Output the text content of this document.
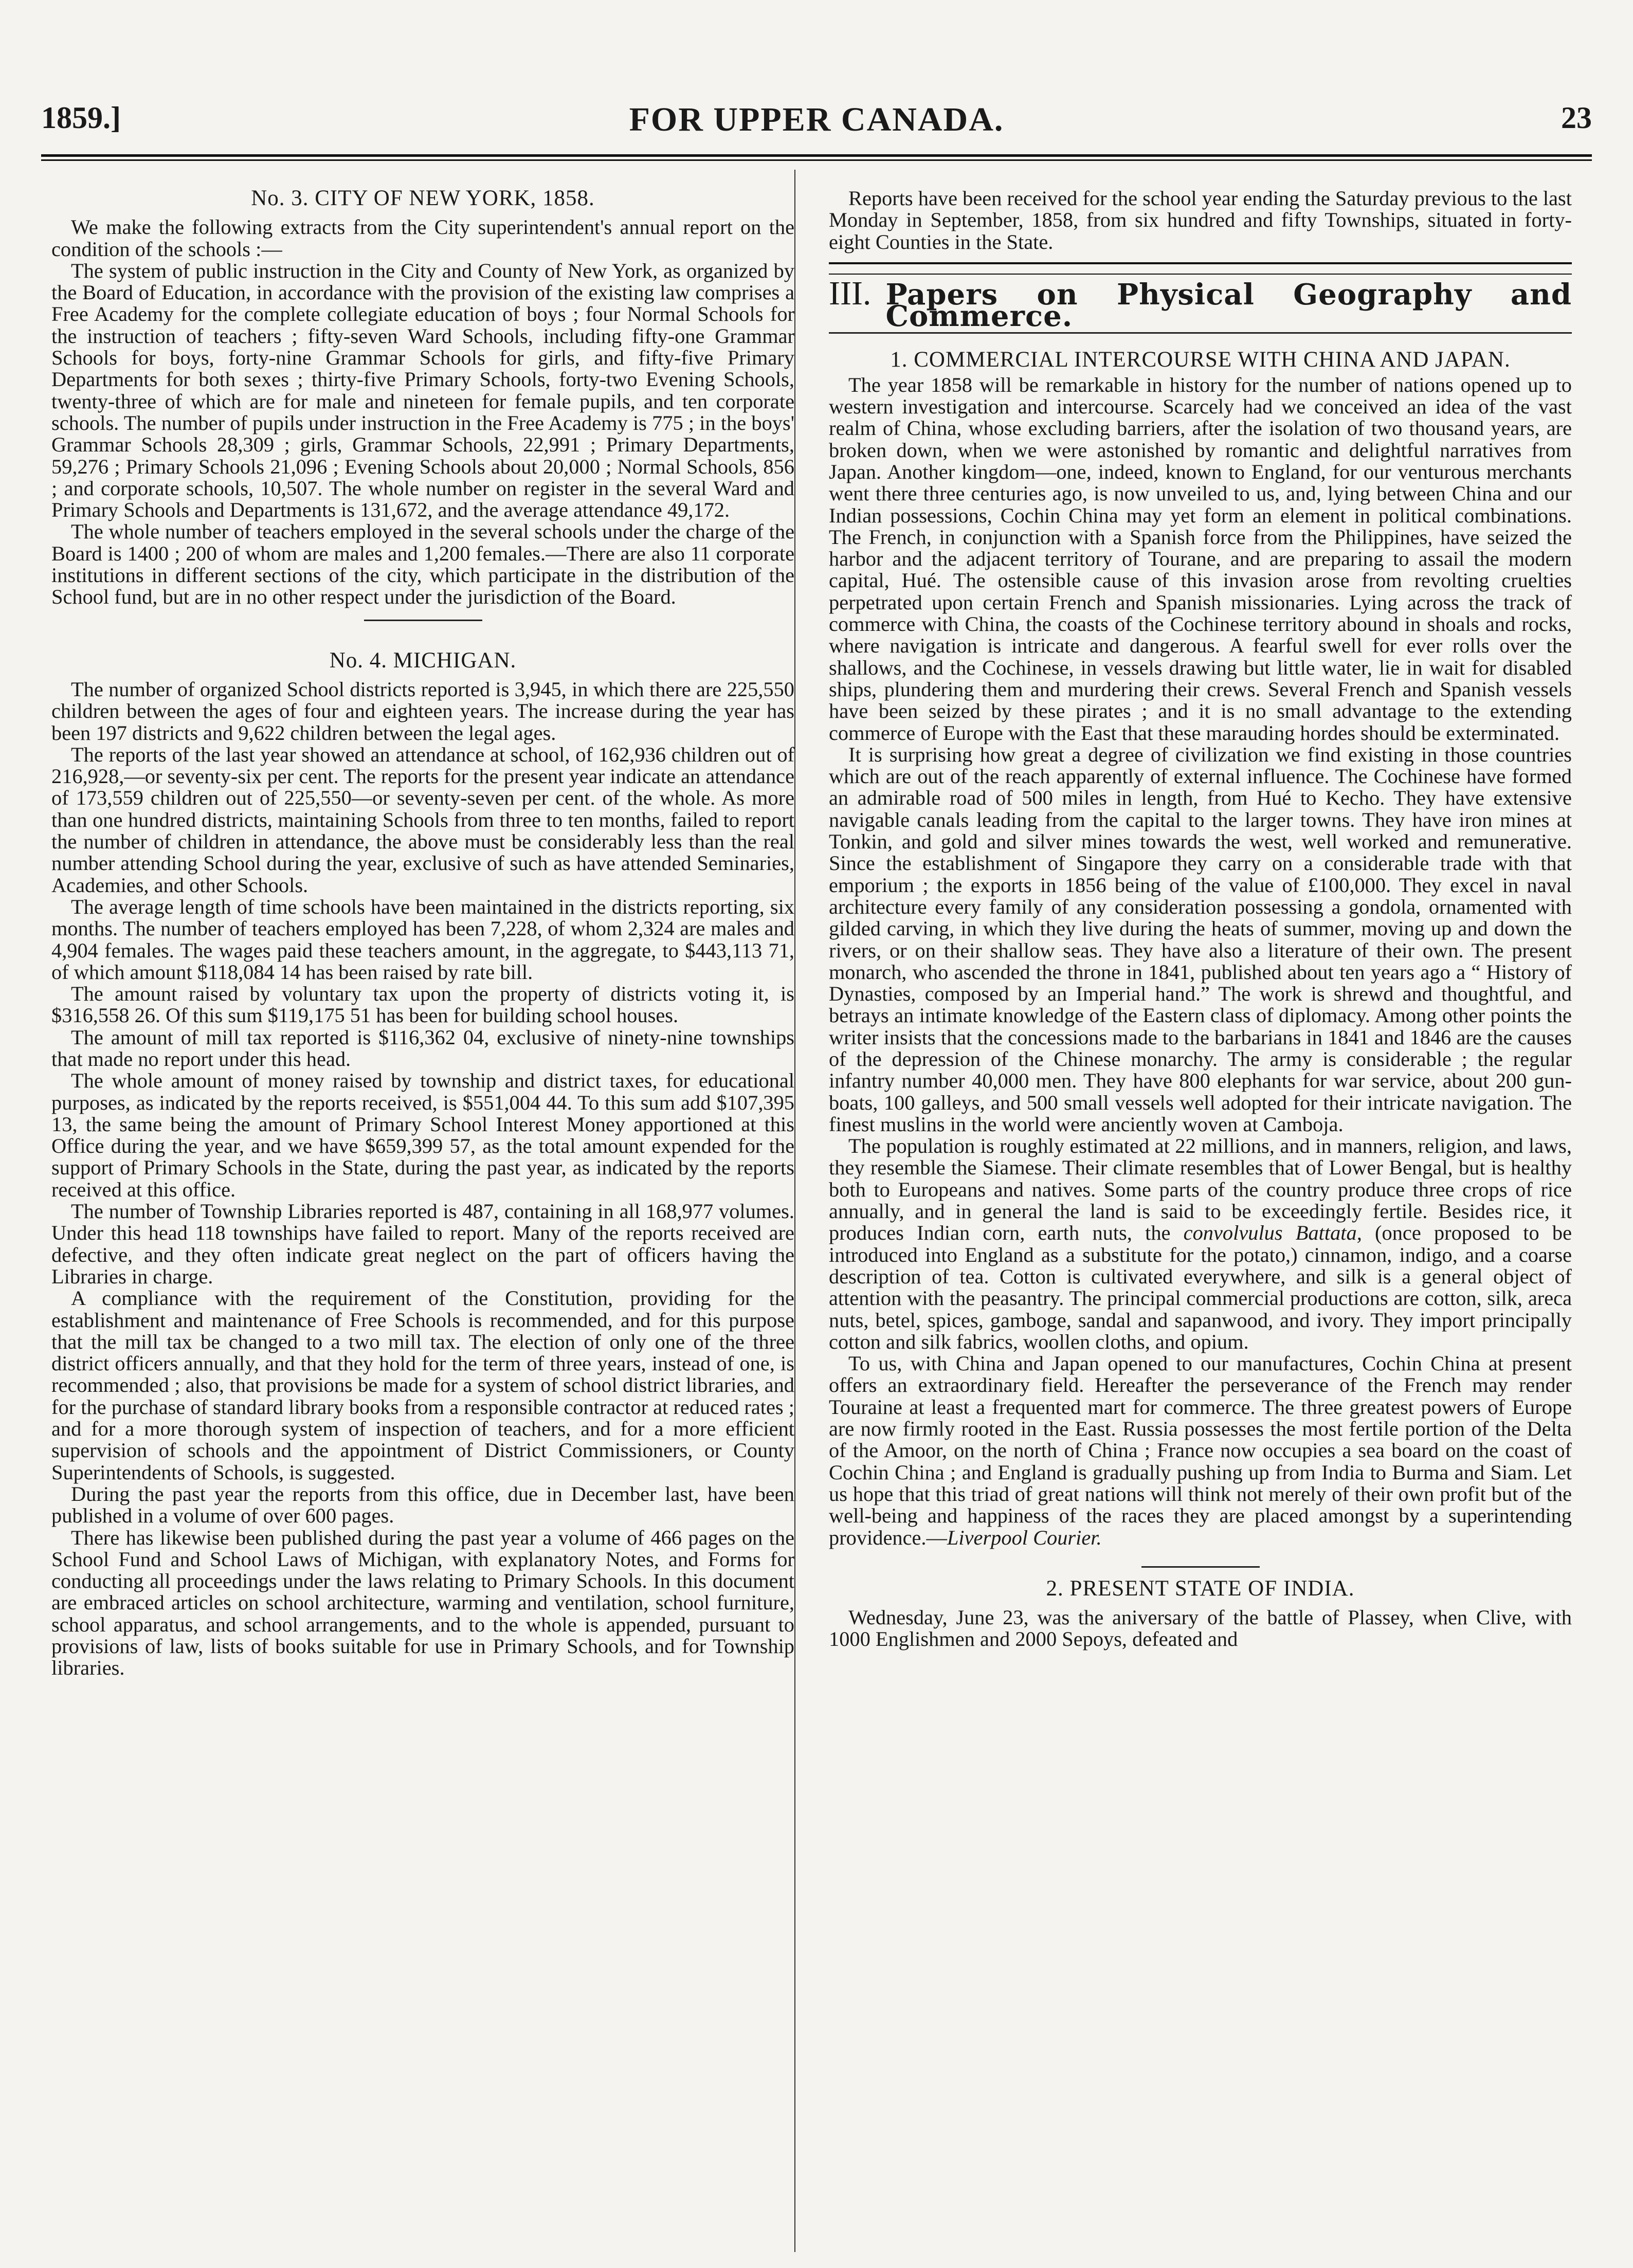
1859.]	FOR UPPER CANADA.	23
No. 3. CITY OF NEW YORK, 1858.

We make the following extracts from the City superintendent's annual report on the condition of the schools :—

The system of public instruction in the City and County of New York, as organized by the Board of Education, in accordance with the provision of the existing law comprises a Free Academy for the complete collegiate education of boys ; four Normal Schools for the instruction of teachers ; fifty-seven Ward Schools, including fifty-one Grammar Schools for boys, forty-nine Grammar Schools for girls, and fifty-five Primary Departments for both sexes ; thirty-five Primary Schools, forty-two Evening Schools, twenty-three of which are for male and nineteen for female pupils, and ten corporate schools. The number of pupils under instruction in the Free Academy is 775 ; in the boys' Grammar Schools 28,309 ; girls, Grammar Schools, 22,991 ; Primary Departments, 59,276 ; Primary Schools 21,096 ; Evening Schools about 20,000 ; Normal Schools, 856 ; and corporate schools, 10,507. The whole number on register in the several Ward and Primary Schools and Departments is 131,672, and the average attendance 49,172.

The whole number of teachers employed in the several schools under the charge of the Board is 1400 ; 200 of whom are males and 1,200 females.—There are also 11 corporate institutions in different sections of the city, which participate in the distribution of the School fund, but are in no other respect under the jurisdiction of the Board.

No. 4. MICHIGAN.

The number of organized School districts reported is 3,945, in which there are 225,550 children between the ages of four and eighteen years. The increase during the year has been 197 districts and 9,622 children between the legal ages.

The reports of the last year showed an attendance at school, of 162,936 children out of 216,928,—or seventy-six per cent. The reports for the present year indicate an attendance of 173,559 children out of 225,550—or seventy-seven per cent. of the whole. As more than one hundred districts, maintaining Schools from three to ten months, failed to report the number of children in attendance, the above must be considerably less than the real number attending School during the year, exclusive of such as have attended Seminaries, Academies, and other Schools.

The average length of time schools have been maintained in the districts reporting, six months. The number of teachers employed has been 7,228, of whom 2,324 are males and 4,904 females. The wages paid these teachers amount, in the aggregate, to $443,113 71, of which amount $118,084 14 has been raised by rate bill.

The amount raised by voluntary tax upon the property of districts voting it, is $316,558 26. Of this sum $119,175 51 has been for building school houses.

The amount of mill tax reported is $116,362 04, exclusive of ninety-nine townships that made no report under this head.

The whole amount of money raised by township and district taxes, for educational purposes, as indicated by the reports received, is $551,004 44. To this sum add $107,395 13, the same being the amount of Primary School Interest Money apportioned at this Office during the year, and we have $659,399 57, as the total amount expended for the support of Primary Schools in the State, during the past year, as indicated by the reports received at this office.

The number of Township Libraries reported is 487, containing in all 168,977 volumes. Under this head 118 townships have failed to report. Many of the reports received are defective, and they often indicate great neglect on the part of officers having the Libraries in charge.

A compliance with the requirement of the Constitution, providing for the establishment and maintenance of Free Schools is recommended, and for this purpose that the mill tax be changed to a two mill tax. The election of only one of the three district officers annually, and that they hold for the term of three years, instead of one, is recommended ; also, that provisions be made for a system of school district libraries, and for the purchase of standard library books from a responsible contractor at reduced rates ; and for a more thorough system of inspection of teachers, and for a more efficient supervision of schools and the appointment of District Commissioners, or County Superintendents of Schools, is suggested.

During the past year the reports from this office, due in December last, have been published in a volume of over 600 pages.

There has likewise been published during the past year a volume of 466 pages on the School Fund and School Laws of Michigan, with explanatory Notes, and Forms for conducting all proceedings under the laws relating to Primary Schools. In this document are embraced articles on school architecture, warming and ventilation, school furniture, school apparatus, and school arrangements, and to the whole is appended, pursuant to provisions of law, lists of books suitable for use in Primary Schools, and for Township libraries.

Reports have been received for the school year ending the Saturday previous to the last Monday in September, 1858, from six hundred and fifty Townships, situated in forty-eight Counties in the State.

III. Papers on Physical Geography and Commerce.
1. COMMERCIAL INTERCOURSE WITH CHINA AND JAPAN.

The year 1858 will be remarkable in history for the number of nations opened up to western investigation and intercourse. Scarcely had we conceived an idea of the vast realm of China, whose excluding barriers, after the isolation of two thousand years, are broken down, when we were astonished by romantic and delightful narratives from Japan. Another kingdom—one, indeed, known to England, for our venturous merchants went there three centuries ago, is now unveiled to us, and, lying between China and our Indian possessions, Cochin China may yet form an element in political combinations. The French, in conjunction with a Spanish force from the Philippines, have seized the harbor and the adjacent territory of Tourane, and are preparing to assail the modern capital, Hué. The ostensible cause of this invasion arose from revolting cruelties perpetrated upon certain French and Spanish missionaries. Lying across the track of commerce with China, the coasts of the Cochinese territory abound in shoals and rocks, where navigation is intricate and dangerous. A fearful swell for ever rolls over the shallows, and the Cochinese, in vessels drawing but little water, lie in wait for disabled ships, plundering them and murdering their crews. Several French and Spanish vessels have been seized by these pirates ; and it is no small advantage to the extending commerce of Europe with the East that these marauding hordes should be exterminated.

It is surprising how great a degree of civilization we find existing in those countries which are out of the reach apparently of external influence. The Cochinese have formed an admirable road of 500 miles in length, from Hué to Kecho. They have extensive navigable canals leading from the capital to the larger towns. They have iron mines at Tonkin, and gold and silver mines towards the west, well worked and remunerative. Since the establishment of Singapore they carry on a considerable trade with that emporium ; the exports in 1856 being of the value of £100,000. They excel in naval architecture every family of any consideration possessing a gondola, ornamented with gilded carving, in which they live during the heats of summer, moving up and down the rivers, or on their shallow seas. They have also a literature of their own. The present monarch, who ascended the throne in 1841, published about ten years ago a “ History of Dynasties, composed by an Imperial hand.” The work is shrewd and thoughtful, and betrays an intimate knowledge of the Eastern class of diplomacy. Among other points the writer insists that the concessions made to the barbarians in 1841 and 1846 are the causes of the depression of the Chinese monarchy. The army is considerable ; the regular infantry number 40,000 men. They have 800 elephants for war service, about 200 gun-boats, 100 galleys, and 500 small vessels well adopted for their intricate navigation. The finest muslins in the world were anciently woven at Camboja.

The population is roughly estimated at 22 millions, and in manners, religion, and laws, they resemble the Siamese. Their climate resembles that of Lower Bengal, but is healthy both to Europeans and natives. Some parts of the country produce three crops of rice annually, and in general the land is said to be exceedingly fertile. Besides rice, it produces Indian corn, earth nuts, the convolvulus Battata, (once proposed to be introduced into England as a substitute for the potato,) cinnamon, indigo, and a coarse description of tea. Cotton is cultivated everywhere, and silk is a general object of attention with the peasantry. The principal commercial productions are cotton, silk, areca nuts, betel, spices, gamboge, sandal and sapanwood, and ivory. They import principally cotton and silk fabrics, woollen cloths, and opium.

To us, with China and Japan opened to our manufactures, Cochin China at present offers an extraordinary field. Hereafter the perseverance of the French may render Touraine at least a frequented mart for commerce. The three greatest powers of Europe are now firmly rooted in the East. Russia possesses the most fertile portion of the Delta of the Amoor, on the north of China ; France now occupies a sea board on the coast of Cochin China ; and England is gradually pushing up from India to Burma and Siam. Let us hope that this triad of great nations will think not merely of their own profit but of the well-being and happiness of the races they are placed amongst by a superintending providence.—Liverpool Courier.

2. PRESENT STATE OF INDIA.

Wednesday, June 23, was the aniversary of the battle of Plassey, when Clive, with 1000 Englishmen and 2000 Sepoys, defeated and
